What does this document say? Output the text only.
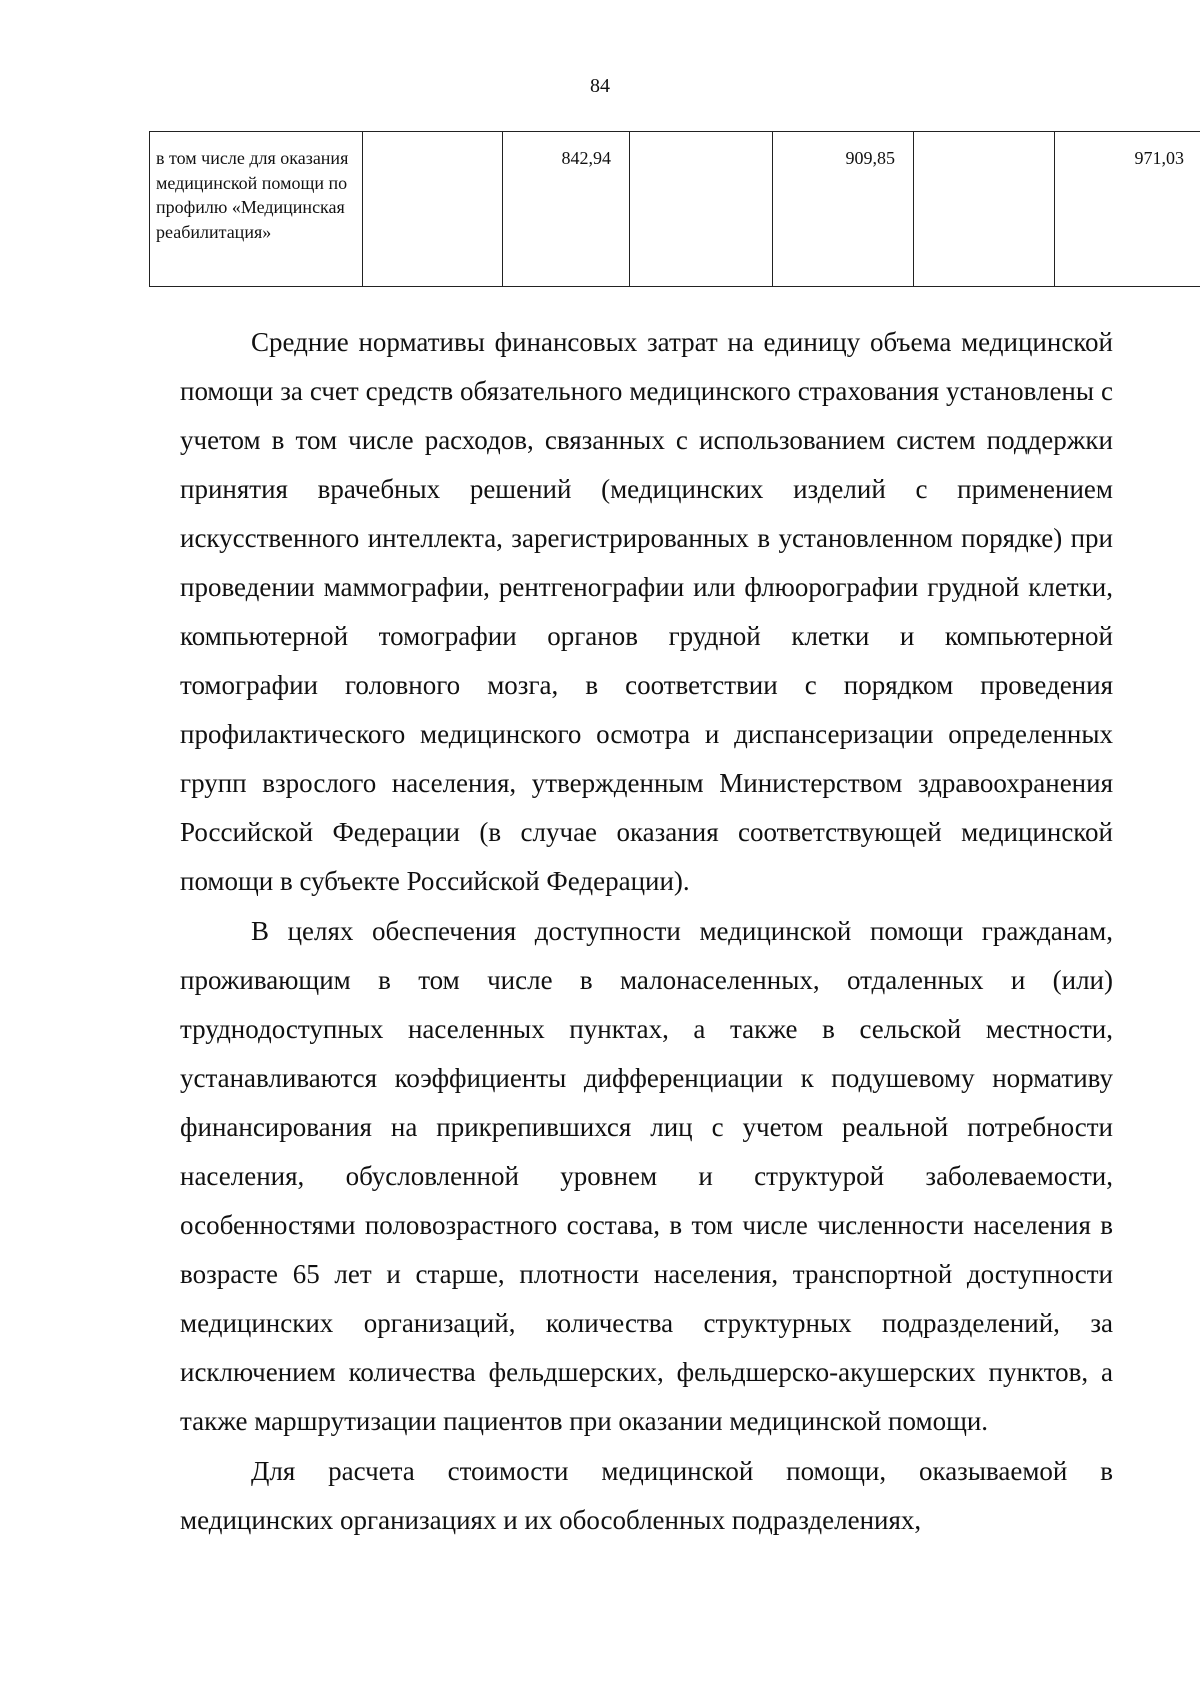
84
в том числе для оказания медицинской помощи по профилю «Медицинская реабилитация»		842,94		909,85		971,03

Средние нормативы финансовых затрат на единицу объема медицинской помощи за счет средств обязательного медицинского страхования установлены с учетом в том числе расходов, связанных с использованием систем поддержки принятия врачебных решений (медицинских изделий с применением искусственного интеллекта, зарегистрированных в установленном порядке) при проведении маммографии, рентгенографии или флюорографии грудной клетки, компьютерной томографии органов грудной клетки и компьютерной томографии головного мозга, в соответствии с порядком проведения профилактического медицинского осмотра и диспансеризации определенных групп взрослого населения, утвержденным Министерством здравоохранения Российской Федерации (в случае оказания соответствующей медицинской помощи в субъекте Российской Федерации).

В целях обеспечения доступности медицинской помощи гражданам, проживающим в том числе в малонаселенных, отдаленных и (или) труднодоступных населенных пунктах, а также в сельской местности, устанавливаются коэффициенты дифференциации к подушевому нормативу финансирования на прикрепившихся лиц с учетом реальной потребности населения, обусловленной уровнем и структурой заболеваемости, особенностями половозрастного состава, в том числе численности населения в возрасте 65 лет и старше, плотности населения, транспортной доступности медицинских организаций, количества структурных подразделений, за исключением количества фельдшерских, фельдшерско-акушерских пунктов, а также маршрутизации пациентов при оказании медицинской помощи.

Для расчета стоимости медицинской помощи, оказываемой в медицинских организациях и их обособленных подразделениях,
